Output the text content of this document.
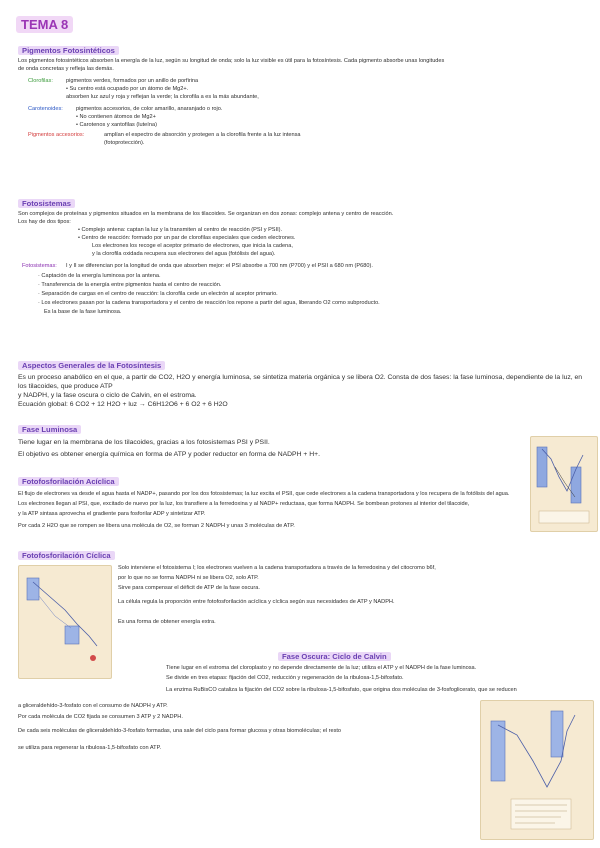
TEMA 8
Pigmentos Fotosintéticos
Los pigmentos fotosintéticos absorben la energía de la luz, según su longitud de onda; solo la luz visible es útil para la fotosíntesis. Cada pigmento absorbe unas longitudes
de onda concretas y refleja las demás.
Clorofilas: pigmentos verdes, formados por un anillo de porfirina
• Su centro está ocupado por un átomo de Mg2+.
absorben luz azul y roja y reflejan la verde; la clorofila a es la más abundante,
Carotenoides: pigmentos accesorios, de color amarillo, anaranjado o rojo.
• No contienen átomos de Mg2+
• Carotenos y xantofilas (luteína)
Pigmentos accesorios:	amplían el espectro de absorción y protegen a la clorofila frente a la luz intensa
(fotoprotección).
Fotosistemas
Son complejos de proteínas y pigmentos situados en la membrana de los tilacoides. Se organizan en dos zonas: complejo antena y centro de reacción.
Los hay de dos tipos:
• Complejo antena: captan la luz y la transmiten al centro de reacción (PSI y PSII).
• Centro de reacción: formado por un par de clorofilas especiales que ceden electrones.
Los electrones los recoge el aceptor primario de electrones, que inicia la cadena,
y la clorofila oxidada recupera sus electrones del agua (fotólisis del agua).
Fotosistemas: I y II se diferencian por la longitud de onda que absorben mejor: el PSI absorbe a 700 nm (P700) y el PSII a 680 nm (P680).
· Captación de la energía luminosa por la antena.
· Transferencia de la energía entre pigmentos hasta el centro de reacción.
· Separación de cargas en el centro de reacción: la clorofila cede un electrón al aceptor primario.
· Los electrones pasan por la cadena transportadora y el centro de reacción los repone a partir del agua, liberando O2 como subproducto.
Es la base de la fase luminosa.
Aspectos Generales de la Fotosíntesis
Es un proceso anabólico en el que, a partir de CO2, H2O y energía luminosa, se sintetiza materia orgánica y se libera O2. Consta de dos fases: la fase luminosa, dependiente de la luz, en los tilacoides, que produce ATP
y NADPH, y la fase oscura o ciclo de Calvin, en el estroma.
Ecuación global: 6 CO2 + 12 H2O + luz → C6H12O6 + 6 O2 + 6 H2O
Fase Luminosa
Tiene lugar en la membrana de los tilacoides, gracias a los fotosistemas PSI y PSII.
El objetivo es obtener energía química en forma de ATP y poder reductor en forma de NADPH + H+.
Fotofosforilación Acíclica
El flujo de electrones va desde el agua hasta el NADP+, pasando por los dos fotosistemas; la luz excita el PSII, que cede electrones a la cadena transportadora y los recupera de la fotólisis del agua.
Los electrones llegan al PSI, que, excitado de nuevo por la luz, los transfiere a la ferredoxina y al NADP+ reductasa, que forma NADPH. Se bombean protones al interior del tilacoide,
y la ATP sintasa aprovecha el gradiente para fosforilar ADP y sintetizar ATP.
Por cada 2 H2O que se rompen se libera una molécula de O2, se forman 2 NADPH y unas 3 moléculas de ATP.
Fotofosforilación Cíclica
Solo interviene el fotosistema I; los electrones vuelven a la cadena transportadora a través de la ferredoxina y del citocromo b6f,
por lo que no se forma NADPH ni se libera O2, solo ATP.
Sirve para compensar el déficit de ATP de la fase oscura.
La célula regula la proporción entre fotofosforilación acíclica y cíclica según sus necesidades de ATP y NADPH.
Es una forma de obtener energía extra.
Fase Oscura: Ciclo de Calvin
Tiene lugar en el estroma del cloroplasto y no depende directamente de la luz; utiliza el ATP y el NADPH de la fase luminosa.
Se divide en tres etapas: fijación del CO2, reducción y regeneración de la ribulosa-1,5-bifosfato.
La enzima RuBisCO cataliza la fijación del CO2 sobre la ribulosa-1,5-bifosfato, que origina dos moléculas de 3-fosfoglicerato, que se reducen
a gliceraldehído-3-fosfato con el consumo de NADPH y ATP.
Por cada molécula de CO2 fijada se consumen 3 ATP y 2 NADPH.
De cada seis moléculas de gliceraldehído-3-fosfato formadas, una sale del ciclo para formar glucosa y otras biomoléculas; el resto
se utiliza para regenerar la ribulosa-1,5-bifosfato con ATP.
